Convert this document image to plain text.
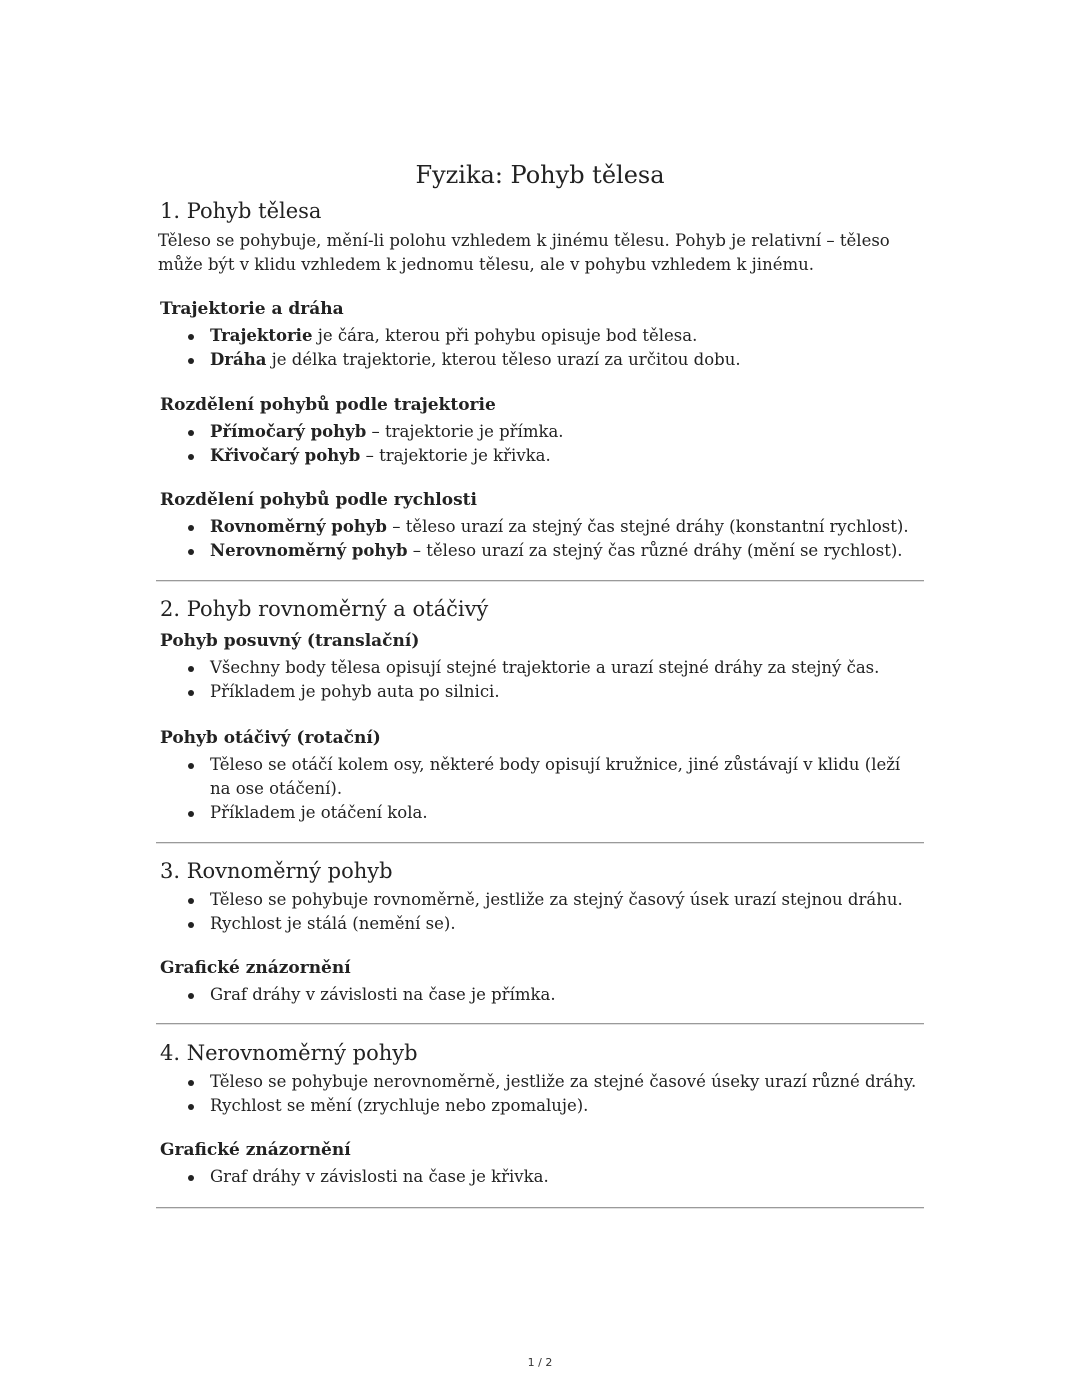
Fyzika: Pohyb tělesa
1. Pohyb tělesa

Těleso se pohybuje, mění-li polohu vzhledem k jinému tělesu. Pohyb je relativní – těleso může být v klidu vzhledem k jednomu tělesu, ale v pohybu vzhledem k jinému.

Trajektorie a dráha
Trajektorie je čára, kterou při pohybu opisuje bod tělesa.
Dráha je délka trajektorie, kterou těleso urazí za určitou dobu.
Rozdělení pohybů podle trajektorie
Přímočarý pohyb – trajektorie je přímka.
Křivočarý pohyb – trajektorie je křivka.
Rozdělení pohybů podle rychlosti
Rovnoměrný pohyb – těleso urazí za stejný čas stejné dráhy (konstantní rychlost).
Nerovnoměrný pohyb – těleso urazí za stejný čas různé dráhy (mění se rychlost).
2. Pohyb rovnoměrný a otáčivý
Pohyb posuvný (translační)
Všechny body tělesa opisují stejné trajektorie a urazí stejné dráhy za stejný čas.
Příkladem je pohyb auta po silnici.
Pohyb otáčivý (rotační)
Těleso se otáčí kolem osy, některé body opisují kružnice, jiné zůstávají v klidu (leží na ose otáčení).
Příkladem je otáčení kola.
3. Rovnoměrný pohyb
Těleso se pohybuje rovnoměrně, jestliže za stejný časový úsek urazí stejnou dráhu.
Rychlost je stálá (nemění se).
Grafické znázornění
Graf dráhy v závislosti na čase je přímka.
4. Nerovnoměrný pohyb
Těleso se pohybuje nerovnoměrně, jestliže za stejné časové úseky urazí různé dráhy.
Rychlost se mění (zrychluje nebo zpomaluje).
Grafické znázornění
Graf dráhy v závislosti na čase je křivka.
1 / 2
